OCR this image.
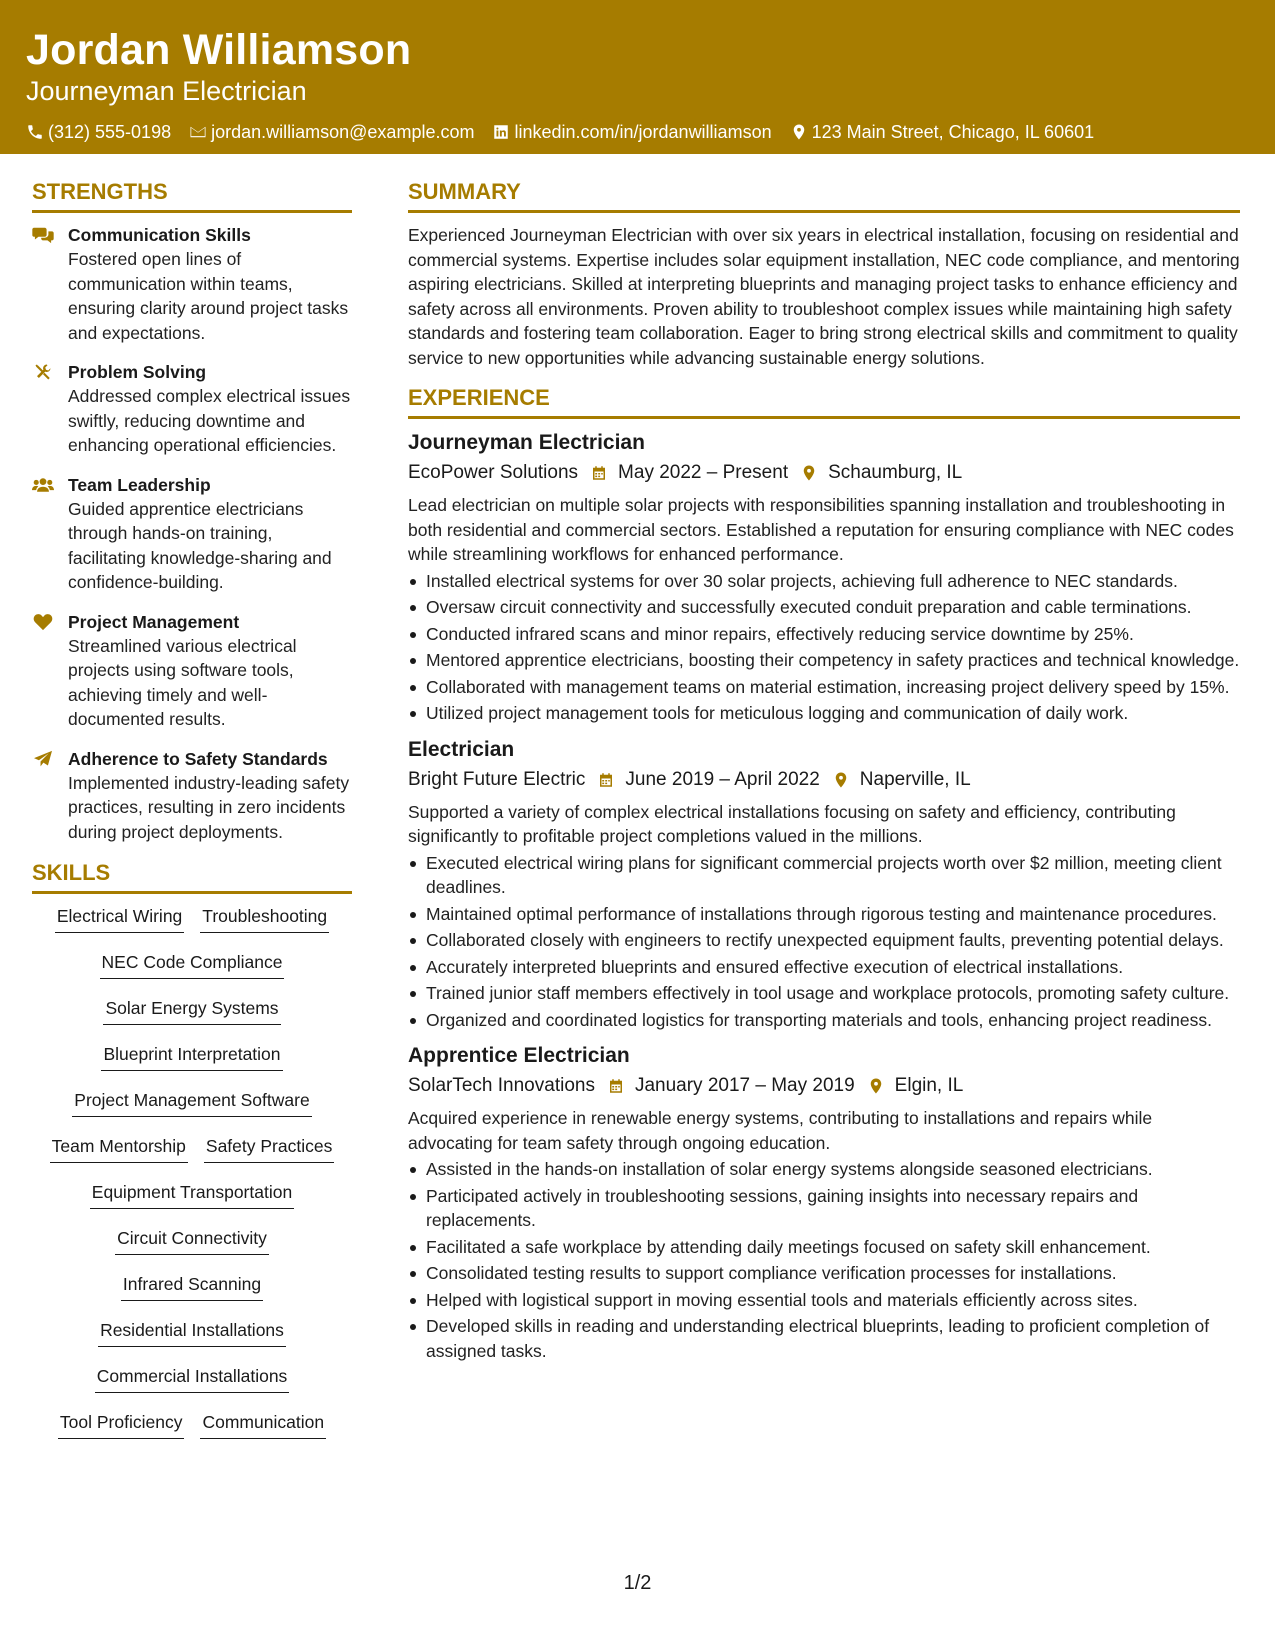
Jordan Williamson
Journeyman Electrician
(312) 555-0198 jordan.williamson@example.com linkedin.com/in/jordanwilliamson 123 Main Street, Chicago, IL 60601
STRENGTHS
Communication Skills
Fostered open lines of communication within teams, ensuring clarity around project tasks and expectations.
Problem Solving
Addressed complex electrical issues swiftly, reducing downtime and enhancing operational efficiencies.
Team Leadership
Guided apprentice electricians through hands-on training, facilitating knowledge-sharing and confidence-building.
Project Management
Streamlined various electrical projects using software tools, achieving timely and well-documented results.
Adherence to Safety Standards
Implemented industry-leading safety practices, resulting in zero incidents during project deployments.
SKILLS
Electrical Wiring Troubleshooting
NEC Code Compliance
Solar Energy Systems
Blueprint Interpretation
Project Management Software
Team Mentorship Safety Practices
Equipment Transportation
Circuit Connectivity
Infrared Scanning
Residential Installations
Commercial Installations
Tool Proficiency Communication
SUMMARY
Experienced Journeyman Electrician with over six years in electrical installation, focusing on residential and commercial systems. Expertise includes solar equipment installation, NEC code compliance, and mentoring aspiring electricians. Skilled at interpreting blueprints and managing project tasks to enhance efficiency and safety across all environments. Proven ability to troubleshoot complex issues while maintaining high safety standards and fostering team collaboration. Eager to bring strong electrical skills and commitment to quality service to new opportunities while advancing sustainable energy solutions.
EXPERIENCE
Journeyman Electrician
EcoPower Solutions May 2022 – Present Schaumburg, IL
Lead electrician on multiple solar projects with responsibilities spanning installation and troubleshooting in both residential and commercial sectors. Established a reputation for ensuring compliance with NEC codes while streamlining workflows for enhanced performance.
Installed electrical systems for over 30 solar projects, achieving full adherence to NEC standards.
Oversaw circuit connectivity and successfully executed conduit preparation and cable terminations.
Conducted infrared scans and minor repairs, effectively reducing service downtime by 25%.
Mentored apprentice electricians, boosting their competency in safety practices and technical knowledge.
Collaborated with management teams on material estimation, increasing project delivery speed by 15%.
Utilized project management tools for meticulous logging and communication of daily work.
Electrician
Bright Future Electric June 2019 – April 2022 Naperville, IL
Supported a variety of complex electrical installations focusing on safety and efficiency, contributing significantly to profitable project completions valued in the millions.
Executed electrical wiring plans for significant commercial projects worth over $2 million, meeting client deadlines.
Maintained optimal performance of installations through rigorous testing and maintenance procedures.
Collaborated closely with engineers to rectify unexpected equipment faults, preventing potential delays.
Accurately interpreted blueprints and ensured effective execution of electrical installations.
Trained junior staff members effectively in tool usage and workplace protocols, promoting safety culture.
Organized and coordinated logistics for transporting materials and tools, enhancing project readiness.
Apprentice Electrician
SolarTech Innovations January 2017 – May 2019 Elgin, IL
Acquired experience in renewable energy systems, contributing to installations and repairs while advocating for team safety through ongoing education.
Assisted in the hands-on installation of solar energy systems alongside seasoned electricians.
Participated actively in troubleshooting sessions, gaining insights into necessary repairs and replacements.
Facilitated a safe workplace by attending daily meetings focused on safety skill enhancement.
Consolidated testing results to support compliance verification processes for installations.
Helped with logistical support in moving essential tools and materials efficiently across sites.
Developed skills in reading and understanding electrical blueprints, leading to proficient completion of assigned tasks.
1/2
